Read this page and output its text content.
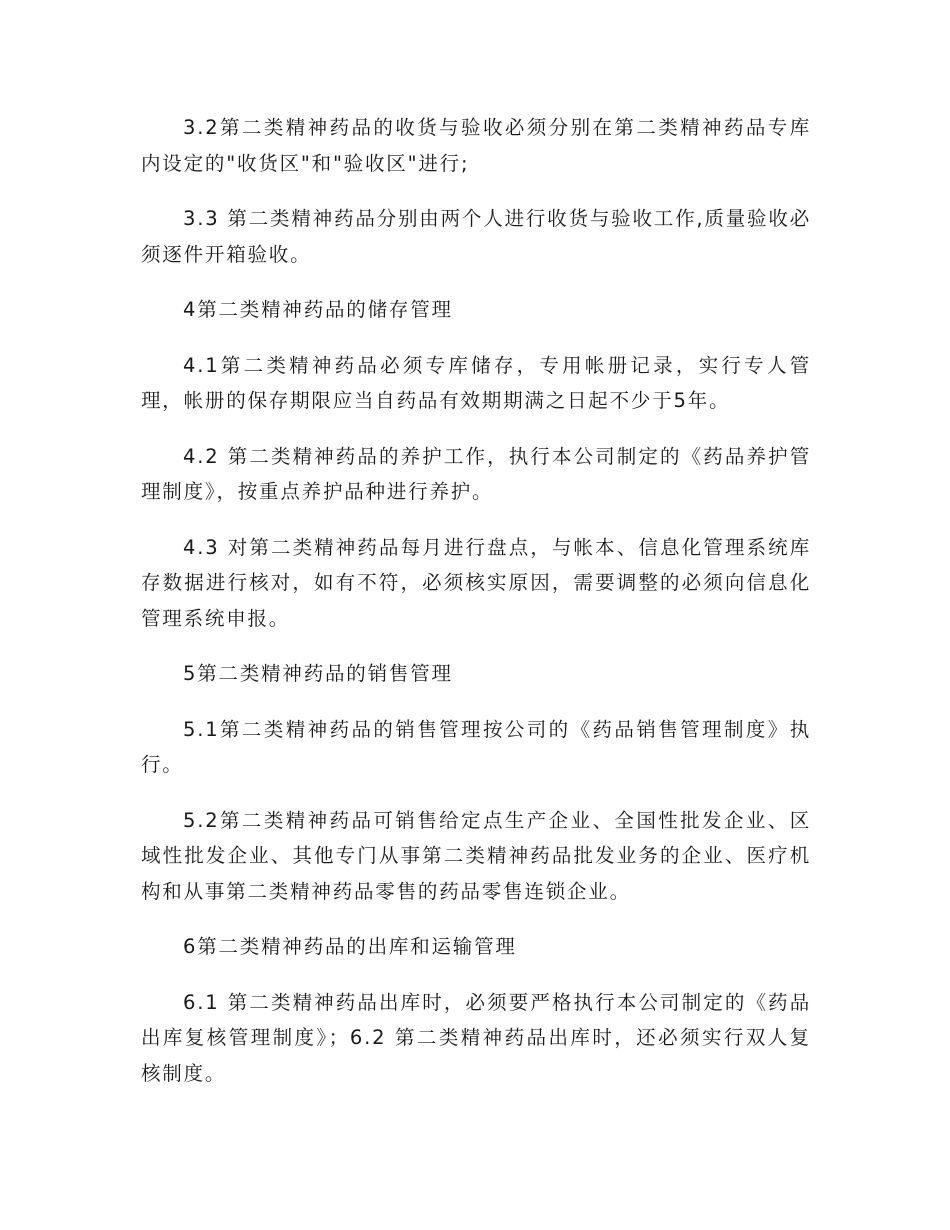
3.2第二类精神药品的收货与验收必须分别在第二类精神药品专库内设定的"收货区"和"验收区"进行;

3.3 第二类精神药品分别由两个人进行收货与验收工作,质量验收必须逐件开箱验收。

4第二类精神药品的储存管理

4.1第二类精神药品必须专库储存，专用帐册记录，实行专人管理，帐册的保存期限应当自药品有效期期满之日起不少于5年。

4.2 第二类精神药品的养护工作，执行本公司制定的《药品养护管理制度》，按重点养护品种进行养护。

4.3 对第二类精神药品每月进行盘点，与帐本、信息化管理系统库存数据进行核对，如有不符，必须核实原因，需要调整的必须向信息化管理系统申报。

5第二类精神药品的销售管理

5.1第二类精神药品的销售管理按公司的《药品销售管理制度》执行。

5.2第二类精神药品可销售给定点生产企业、全国性批发企业、区域性批发企业、其他专门从事第二类精神药品批发业务的企业、医疗机构和从事第二类精神药品零售的药品零售连锁企业。

6第二类精神药品的出库和运输管理

6.1 第二类精神药品出库时，必须要严格执行本公司制定的《药品出库复核管理制度》；6.2 第二类精神药品出库时，还必须实行双人复核制度。
